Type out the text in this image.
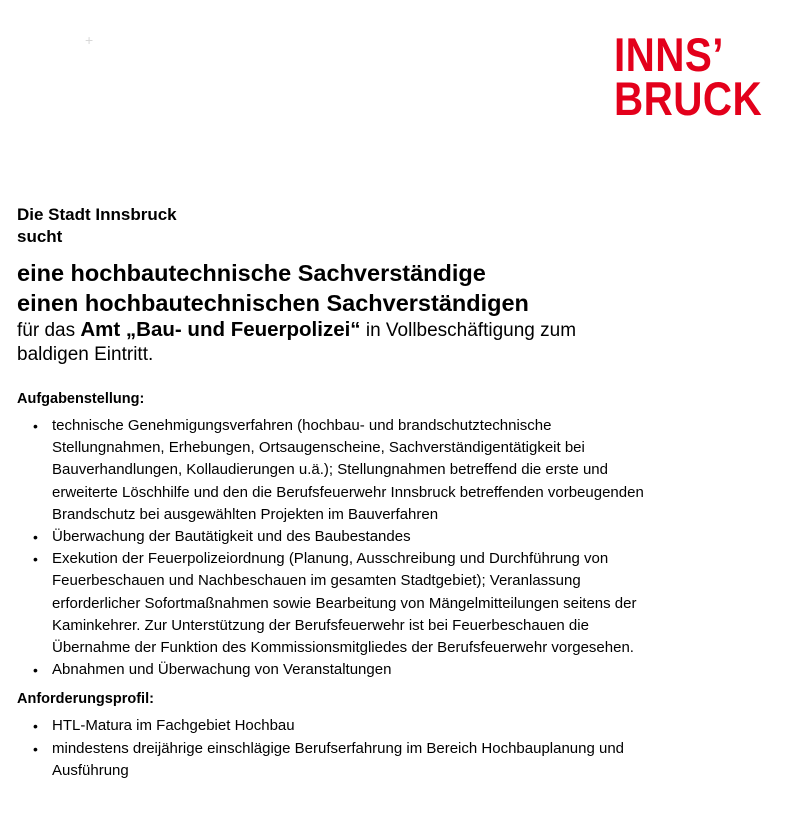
+	INNS’
BRUCK
Die Stadt Innsbruck
sucht
eine hochbautechnische Sachverständige
einen hochbautechnischen Sachverständigen
für das Amt „Bau- und Feuerpolizei“ in Vollbeschäftigung zum
baldigen Eintritt.
Aufgabenstellung:
• technische Genehmigungsverfahren (hochbau- und brandschutztechnische
Stellungnahmen, Erhebungen, Ortsaugenscheine, Sachverständigentätigkeit bei
Bauverhandlungen, Kollaudierungen u.ä.); Stellungnahmen betreffend die erste und
erweiterte Löschhilfe und den die Berufsfeuerwehr Innsbruck betreffenden vorbeugenden
Brandschutz bei ausgewählten Projekten im Bauverfahren
• Überwachung der Bautätigkeit und des Baubestandes
• Exekution der Feuerpolizeiordnung (Planung, Ausschreibung und Durchführung von
Feuerbeschauen und Nachbeschauen im gesamten Stadtgebiet); Veranlassung
erforderlicher Sofortmaßnahmen sowie Bearbeitung von Mängelmitteilungen seitens der
Kaminkehrer. Zur Unterstützung der Berufsfeuerwehr ist bei Feuerbeschauen die
Übernahme der Funktion des Kommissionsmitgliedes der Berufsfeuerwehr vorgesehen.
• Abnahmen und Überwachung von Veranstaltungen
Anforderungsprofil:
• HTL-Matura im Fachgebiet Hochbau
• mindestens dreijährige einschlägige Berufserfahrung im Bereich Hochbauplanung und
Ausführung
